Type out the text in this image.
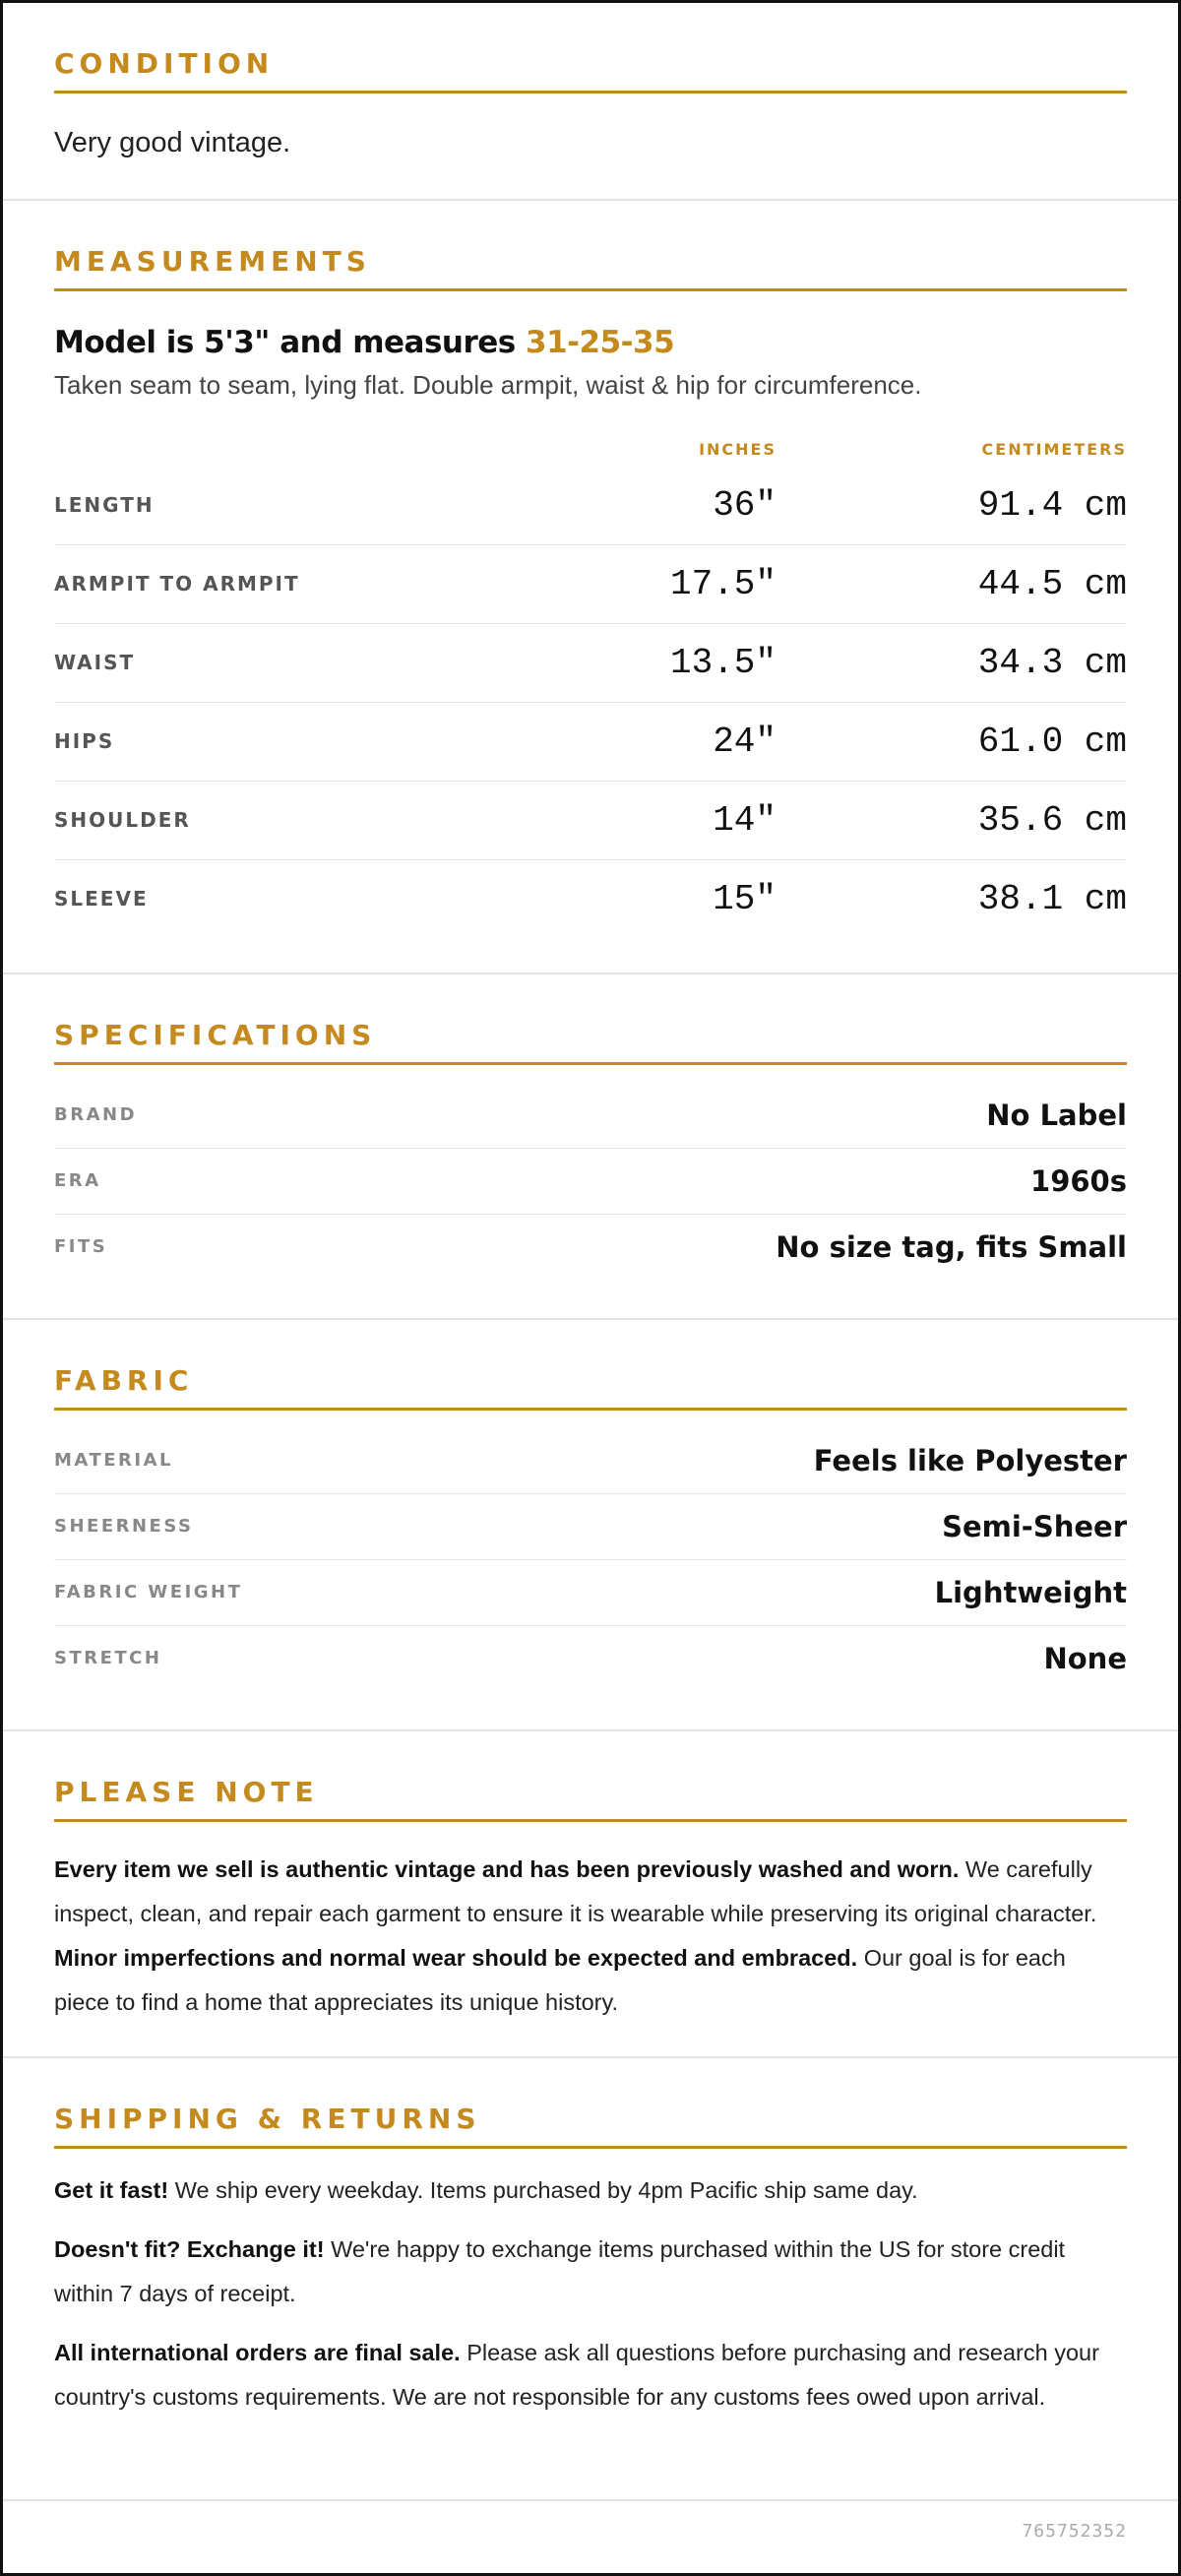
CONDITION
Very good vintage.
MEASUREMENTS
Model is 5'3" and measures 31-25-35
Taken seam to seam, lying flat. Double armpit, waist & hip for circumference.
INCHES	CENTIMETERS
LENGTH	36"	91.4 cm
ARMPIT TO ARMPIT	17.5"	44.5 cm
WAIST	13.5"	34.3 cm
HIPS	24"	61.0 cm
SHOULDER	14"	35.6 cm
SLEEVE	15"	38.1 cm
SPECIFICATIONS
BRAND	No Label
ERA	1960s
FITS	No size tag, fits Small
FABRIC
MATERIAL	Feels like Polyester
SHEERNESS	Semi-Sheer
FABRIC WEIGHT	Lightweight
STRETCH	None
PLEASE NOTE

Every item we sell is authentic vintage and has been previously washed and worn. We carefully inspect, clean, and repair each garment to ensure it is wearable while preserving its original character. Minor imperfections and normal wear should be expected and embraced. Our goal is for each piece to find a home that appreciates its unique history.

SHIPPING & RETURNS

Get it fast! We ship every weekday. Items purchased by 4pm Pacific ship same day.

Doesn't fit? Exchange it! We're happy to exchange items purchased within the US for store credit within 7 days of receipt.

All international orders are final sale. Please ask all questions before purchasing and research your country's customs requirements. We are not responsible for any customs fees owed upon arrival.

765752352
